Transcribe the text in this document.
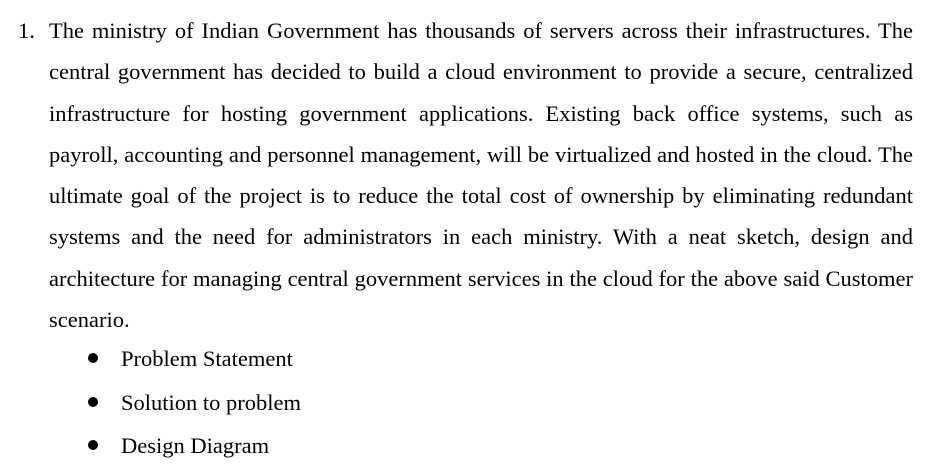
1. The ministry of Indian Government has thousands of servers across their infrastructures. The central government has decided to build a cloud environment to provide a secure, centralized infrastructure for hosting government applications. Existing back office systems, such as payroll, accounting and personnel management, will be virtualized and hosted in the cloud. The ultimate goal of the project is to reduce the total cost of ownership by eliminating redundant systems and the need for administrators in each ministry. With a neat sketch, design and architecture for managing central government services in the cloud for the above said Customer scenario.

Problem Statement
Solution to problem
Design Diagram
